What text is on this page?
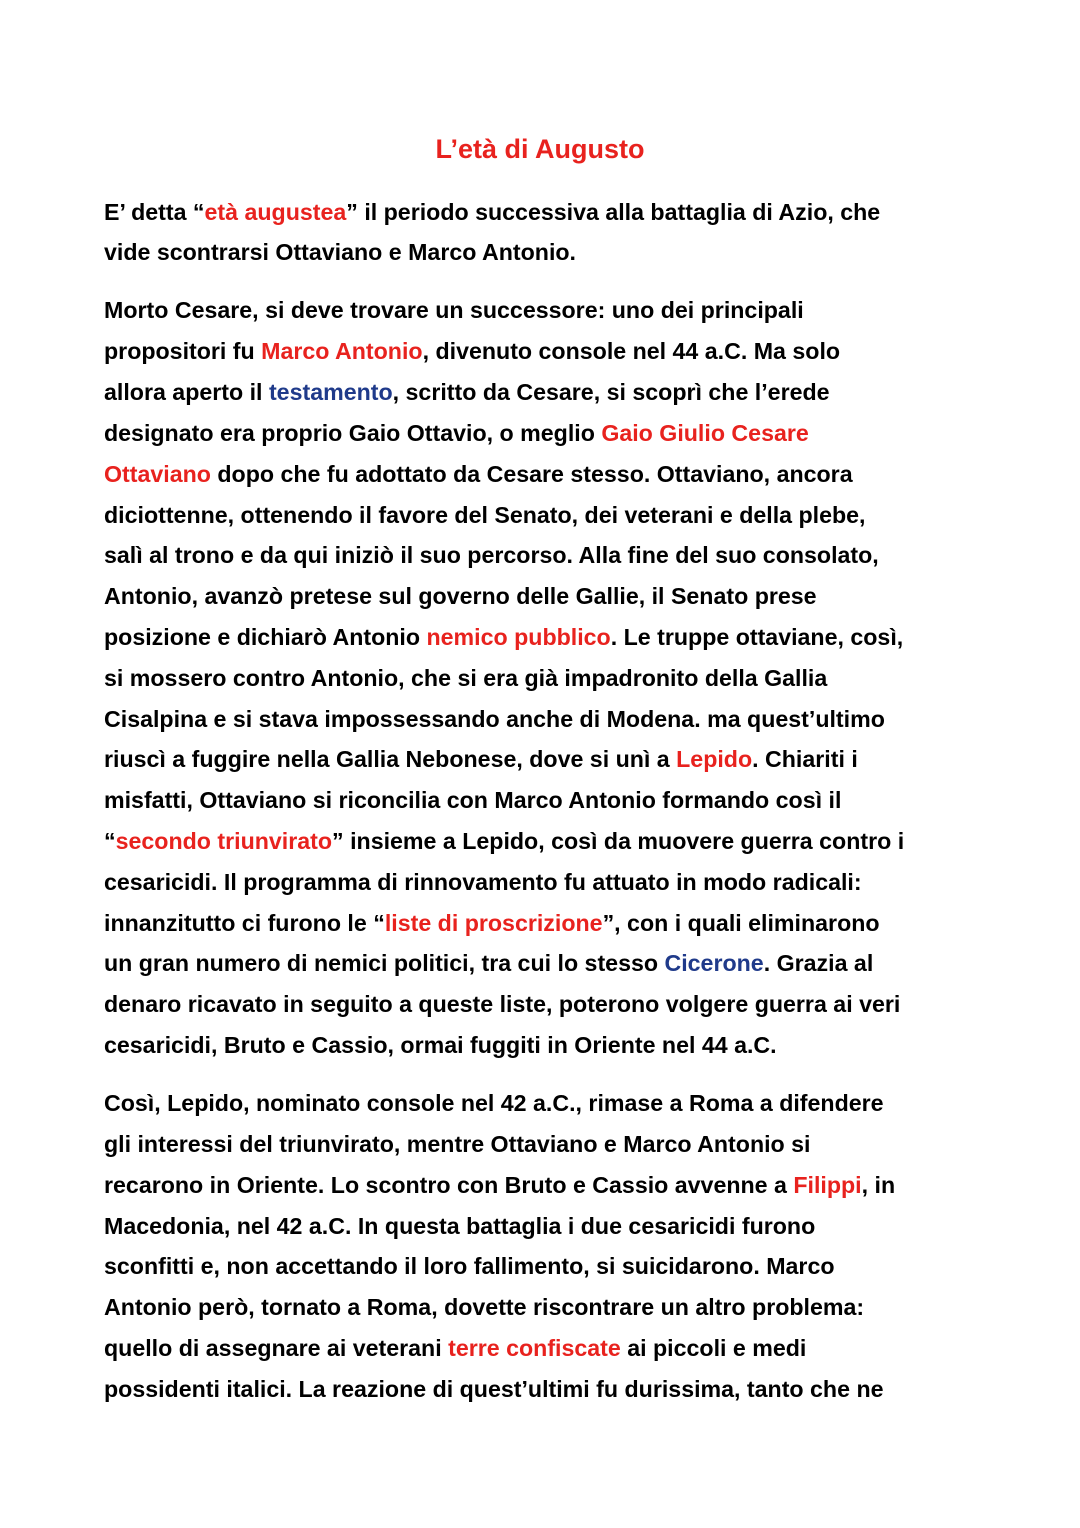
L’età di Augusto
E’ detta “età augustea” il periodo successiva alla battaglia di Azio, che
vide scontrarsi Ottaviano e Marco Antonio.
Morto Cesare, si deve trovare un successore: uno dei principali
propositori fu Marco Antonio, divenuto console nel 44 a.C. Ma solo
allora aperto il testamento, scritto da Cesare, si scoprì che l’erede
designato era proprio Gaio Ottavio, o meglio Gaio Giulio Cesare
Ottaviano dopo che fu adottato da Cesare stesso. Ottaviano, ancora
diciottenne, ottenendo il favore del Senato, dei veterani e della plebe,
salì al trono e da qui iniziò il suo percorso. Alla fine del suo consolato,
Antonio, avanzò pretese sul governo delle Gallie, il Senato prese
posizione e dichiarò Antonio nemico pubblico. Le truppe ottaviane, così,
si mossero contro Antonio, che si era già impadronito della Gallia
Cisalpina e si stava impossessando anche di Modena. ma quest’ultimo
riuscì a fuggire nella Gallia Nebonese, dove si unì a Lepido. Chiariti i
misfatti, Ottaviano si riconcilia con Marco Antonio formando così il
“secondo triunvirato” insieme a Lepido, così da muovere guerra contro i
cesaricidi. Il programma di rinnovamento fu attuato in modo radicali:
innanzitutto ci furono le “liste di proscrizione”, con i quali eliminarono
un gran numero di nemici politici, tra cui lo stesso Cicerone. Grazia al
denaro ricavato in seguito a queste liste, poterono volgere guerra ai veri
cesaricidi, Bruto e Cassio, ormai fuggiti in Oriente nel 44 a.C.
Così, Lepido, nominato console nel 42 a.C., rimase a Roma a difendere
gli interessi del triunvirato, mentre Ottaviano e Marco Antonio si
recarono in Oriente. Lo scontro con Bruto e Cassio avvenne a Filippi, in
Macedonia, nel 42 a.C. In questa battaglia i due cesaricidi furono
sconfitti e, non accettando il loro fallimento, si suicidarono. Marco
Antonio però, tornato a Roma, dovette riscontrare un altro problema:
quello di assegnare ai veterani terre confiscate ai piccoli e medi
possidenti italici. La reazione di quest’ultimi fu durissima, tanto che ne
